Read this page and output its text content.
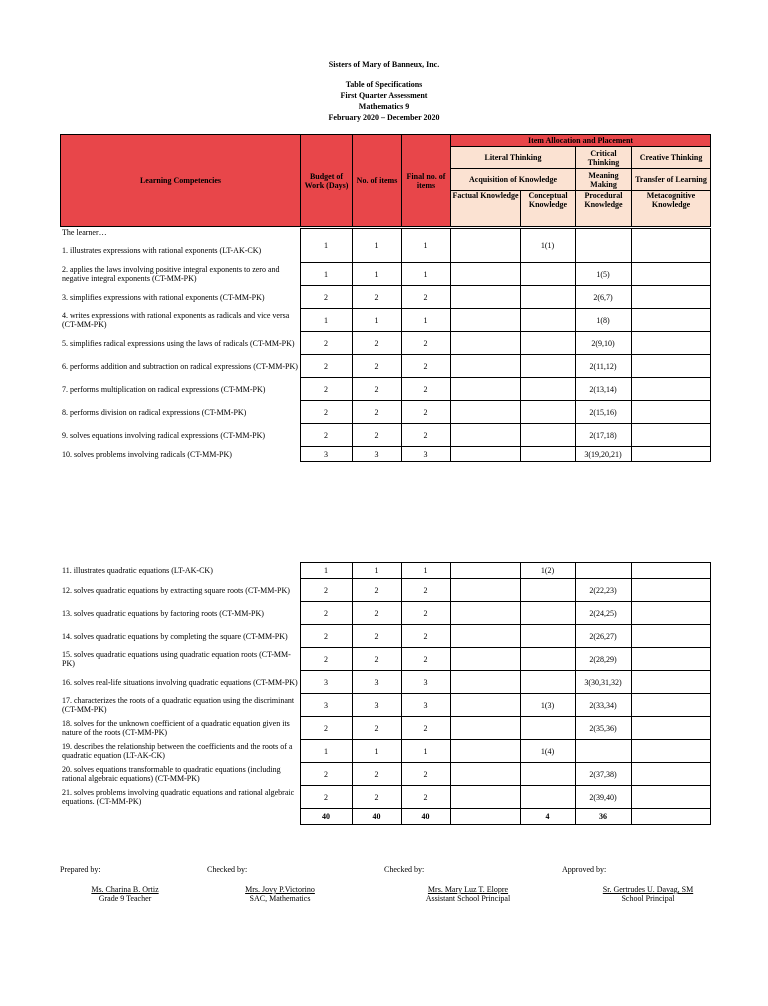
Sisters of Mary of Banneux, Inc.
Table of Specifications
First Quarter Assessment
Mathematics 9
February 2020 – December 2020
Learning Competencies	Budget of Work (Days)	No. of items	Final no. of items	Item Allocation and Placement			
				Literal Thinking		Critical Thinking	Creative Thinking
				Acquisition of Knowledge		Meaning Making	Transfer of Learning
				Factual Knowledge	Conceptual Knowledge	Procedural Knowledge	Metacognitive Knowledge
The learner…
1. illustrates expressions with rational exponents (LT-AK-CK)	1	1	1		1(1)		
2. applies the laws involving positive integral exponents to zero and negative integral exponents (CT-MM-PK)	1	1	1			1(5)	
3. simplifies expressions with rational exponents (CT-MM-PK)	2	2	2			2(6,7)	
4. writes expressions with rational exponents as radicals and vice versa (CT-MM-PK)	1	1	1			1(8)	
5. simplifies radical expressions using the laws of radicals (CT-MM-PK)	2	2	2			2(9,10)	
6. performs addition and subtraction on radical expressions (CT-MM-PK)	2	2	2			2(11,12)	
7. performs multiplication on radical expressions (CT-MM-PK)	2	2	2			2(13,14)	
8. performs division on radical expressions (CT-MM-PK)	2	2	2			2(15,16)	
9. solves equations involving radical expressions (CT-MM-PK)	2	2	2			2(17,18)	
10. solves problems involving radicals (CT-MM-PK)	3	3	3			3(19,20,21)	
11. illustrates quadratic equations (LT-AK-CK)	1	1	1		1(2)		
12. solves quadratic equations by extracting square roots (CT-MM-PK)	2	2	2			2(22,23)	
13. solves quadratic equations by factoring roots (CT-MM-PK)	2	2	2			2(24,25)	
14. solves quadratic equations by completing the square (CT-MM-PK)	2	2	2			2(26,27)	
15. solves quadratic equations using quadratic equation roots (CT-MM-PK)	2	2	2			2(28,29)	
16. solves real-life situations involving quadratic equations (CT-MM-PK)	3	3	3			3(30,31,32)	
17. characterizes the roots of a quadratic equation using the discriminant (CT-MM-PK)	3	3	3		1(3)	2(33,34)	
18. solves for the unknown coefficient of a quadratic equation given its nature of the roots (CT-MM-PK)	2	2	2			2(35,36)	
19. describes the relationship between the coefficients and the roots of a quadratic equation (LT-AK-CK)	1	1	1		1(4)		
20. solves equations transformable to quadratic equations (including rational algebraic equations) (CT-MM-PK)	2	2	2			2(37,38)	
21. solves problems involving quadratic equations and rational algebraic equations. (CT-MM-PK)	2	2	2			2(39,40)	
	40	40	40		4	36	
Prepared by:
Ms. Charina B. Ortiz
Grade 9 Teacher
Checked by:
Mrs. Jovy P.Victorino
SAC, Mathematics
Checked by:
Mrs. Mary Luz T. Elopre
Assistant School Principal
Approved by:
Sr. Gertrudes U. Davag, SM
School Principal
